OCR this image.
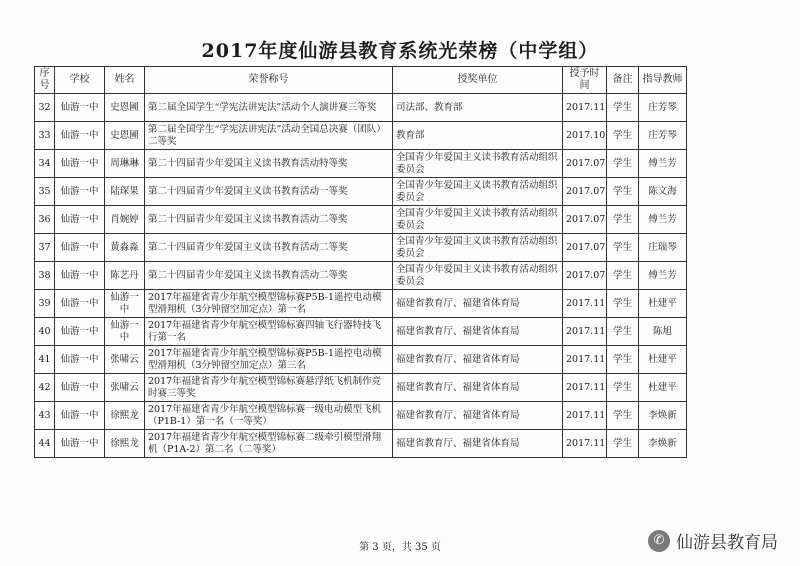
2017年度仙游县教育系统光荣榜（中学组）
序号	学校	姓名	荣誉称号	授奖单位	授予时间	备注	指导教师
32	仙游一中	史恩圃	第二届全国学生“学宪法讲宪法”活动个人演讲赛三等奖	司法部、教育部	2017.11	学生	庄芳琴
33	仙游一中	史恩圃	第二届全国学生“学宪法讲宪法”活动全国总决赛（团队）二等奖	教育部	2017.10	学生	庄芳琴
34	仙游一中	周琳琳	第二十四届青少年爱国主义读书教育活动特等奖	全国青少年爱国主义读书教育活动组织委员会	2017.07	学生	傅兰芳
35	仙游一中	陆琛果	第二十四届青少年爱国主义读书教育活动一等奖	全国青少年爱国主义读书教育活动组织委员会	2017.07	学生	陈文海
36	仙游一中	肖婉婷	第二十四届青少年爱国主义读书教育活动二等奖	全国青少年爱国主义读书教育活动组织委员会	2017.07	学生	傅兰芳
37	仙游一中	黄淼淼	第二十四届青少年爱国主义读书教育活动二等奖	全国青少年爱国主义读书教育活动组织委员会	2017.07	学生	庄瑞琴
38	仙游一中	陈艺丹	第二十四届青少年爱国主义读书教育活动二等奖	全国青少年爱国主义读书教育活动组织委员会	2017.07	学生	傅兰芳
39	仙游一中	仙游一中	2017年福建省青少年航空模型锦标赛P5B-1遥控电动模型滑翔机（3分钟留空加定点）第一名	福建省教育厅、福建省体育局	2017.11	学生	杜建平
40	仙游一中	仙游一中	2017年福建省青少年航空模型锦标赛四轴飞行器特技飞行第一名	福建省教育厅、福建省体育局	2017.11	学生	陈旭
41	仙游一中	张啸云	2017年福建省青少年航空模型锦标赛P5B-1遥控电动模型滑翔机（3分钟留空加定点）第三名	福建省教育厅、福建省体育局	2017.11	学生	杜建平
42	仙游一中	张啸云	2017年福建省青少年航空模型锦标赛悬浮纸飞机制作竞时赛三等奖	福建省教育厅、福建省体育局	2017.11	学生	杜建平
43	仙游一中	徐熙龙	2017年福建省青少年航空模型锦标赛一级电动模型飞机（P1B-1）第一名（一等奖）	福建省教育厅、福建省体育局	2017.11	学生	李焕新
44	仙游一中	徐熙龙	2017年福建省青少年航空模型锦标赛二级牵引模型滑翔机（P1A-2）第二名（二等奖）	福建省教育厅、福建省体育局	2017.11	学生	李焕新
第 3 页，共 35 页	✆ 仙游县教育局
